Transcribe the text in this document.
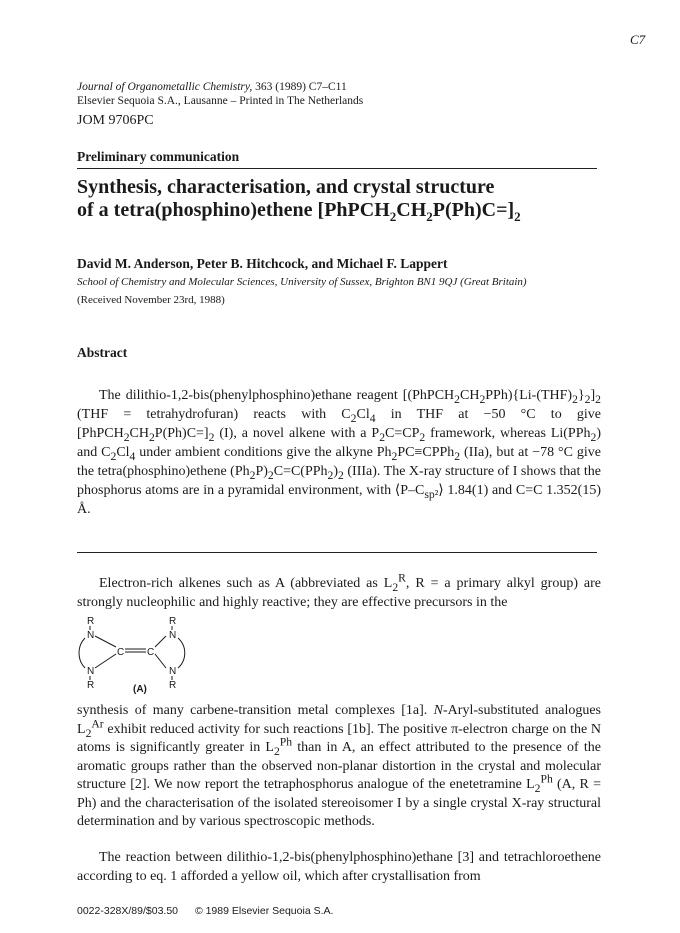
C7
Journal of Organometallic Chemistry, 363 (1989) C7–C11
Elsevier Sequoia S.A., Lausanne – Printed in The Netherlands
JOM 9706PC
Preliminary communication
Synthesis, characterisation, and crystal structure
of a tetra(phosphino)ethene $[PhPCH_2CH_2P(Ph)C=]_2$
David M. Anderson, Peter B. Hitchcock, and Michael F. Lappert
School of Chemistry and Molecular Sciences, University of Sussex, Brighton BN1 9QJ (Great Britain)
(Received November 23rd, 1988)
Abstract
The dilithio-1,2-bis(phenylphosphino)ethane reagent $[(PhPCH_2CH_2PPh)\{Li-(THF)_2\}_2]_2$ (THF = tetrahydrofuran) reacts with $C_2Cl_4$ in THF at −50 °C to give $[PhPCH_2CH_2P(Ph)C=]_2$ (I), a novel alkene with a $P_2C=CP_2$ framework, whereas Li(PPh$_2$) and $C_2Cl_4$ under ambient conditions give the alkyne $Ph_2PC\equiv CPPh_2$ (IIa), but at −78 °C give the tetra(phosphino)ethene $(Ph_2P)_2C=C(PPh_2)_2$ (IIIa). The X-ray structure of I shows that the phosphorus atoms are in a pyramidal environment, with $⟨P-C_{sp^2}⟩$ 1.84(1) and C=C 1.352(15) Å.
Electron-rich alkenes such as A (abbreviated as $L_2^R$, R = a primary alkyl group) are strongly nucleophilic and highly reactive; they are effective precursors in the
R	R
N	N
C C
N	N
R	R
(A)
synthesis of many carbene-transition metal complexes [1a]. N-Aryl-substituted analogues $L_2^{Ar}$ exhibit reduced activity for such reactions [1b]. The positive π-electron charge on the N atoms is significantly greater in $L_2^{Ph}$ than in A, an effect attributed to the presence of the aromatic groups rather than the observed non-planar distortion in the crystal and molecular structure [2]. We now report the tetraphosphorus analogue of the enetetramine $L_2^{Ph}$ (A, R = Ph) and the characterisation of the isolated stereoisomer I by a single crystal X-ray structural determination and by various spectroscopic methods.
The reaction between dilithio-1,2-bis(phenylphosphino)ethane [3] and tetrachloroethene according to eq. 1 afforded a yellow oil, which after crystallisation from
0022-328X/89/$03.50 © 1989 Elsevier Sequoia S.A.
